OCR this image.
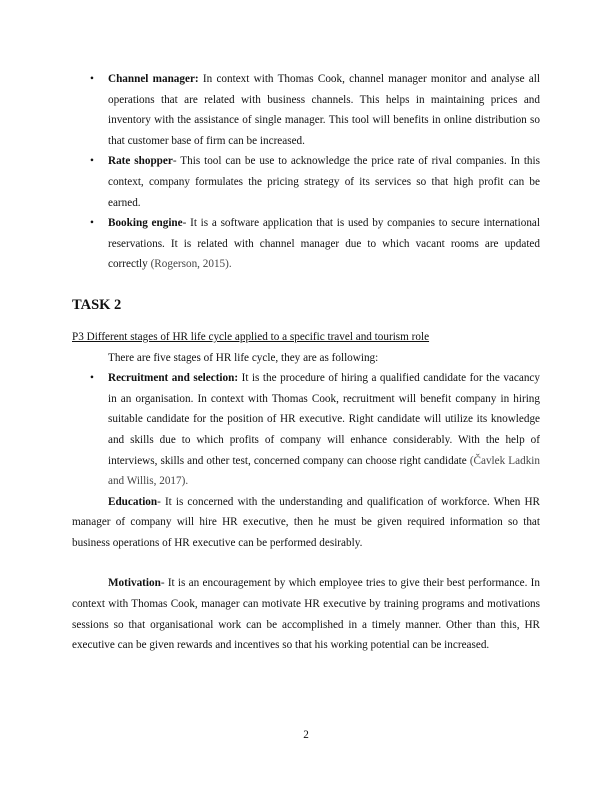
• Channel manager: In context with Thomas Cook, channel manager monitor and analyse all operations that are related with business channels. This helps in maintaining prices and inventory with the assistance of single manager. This tool will benefits in online distribution so that customer base of firm can be increased.
• Rate shopper- This tool can be use to acknowledge the price rate of rival companies. In this context, company formulates the pricing strategy of its services so that high profit can be earned.
• Booking engine- It is a software application that is used by companies to secure international reservations. It is related with channel manager due to which vacant rooms are updated correctly (Rogerson, 2015).
TASK 2

P3 Different stages of HR life cycle applied to a specific travel and tourism role

There are five stages of HR life cycle, they are as following:

• Recruitment and selection: It is the procedure of hiring a qualified candidate for the vacancy in an organisation. In context with Thomas Cook, recruitment will benefit company in hiring suitable candidate for the position of HR executive. Right candidate will utilize its knowledge and skills due to which profits of company will enhance considerably. With the help of interviews, skills and other test, concerned company can choose right candidate (Čavlek Ladkin and Willis, 2017).

Education- It is concerned with the understanding and qualification of workforce. When HR manager of company will hire HR executive, then he must be given required information so that business operations of HR executive can be performed desirably.

Motivation- It is an encouragement by which employee tries to give their best performance. In context with Thomas Cook, manager can motivate HR executive by training programs and motivations sessions so that organisational work can be accomplished in a timely manner. Other than this, HR executive can be given rewards and incentives so that his working potential can be increased.

2
